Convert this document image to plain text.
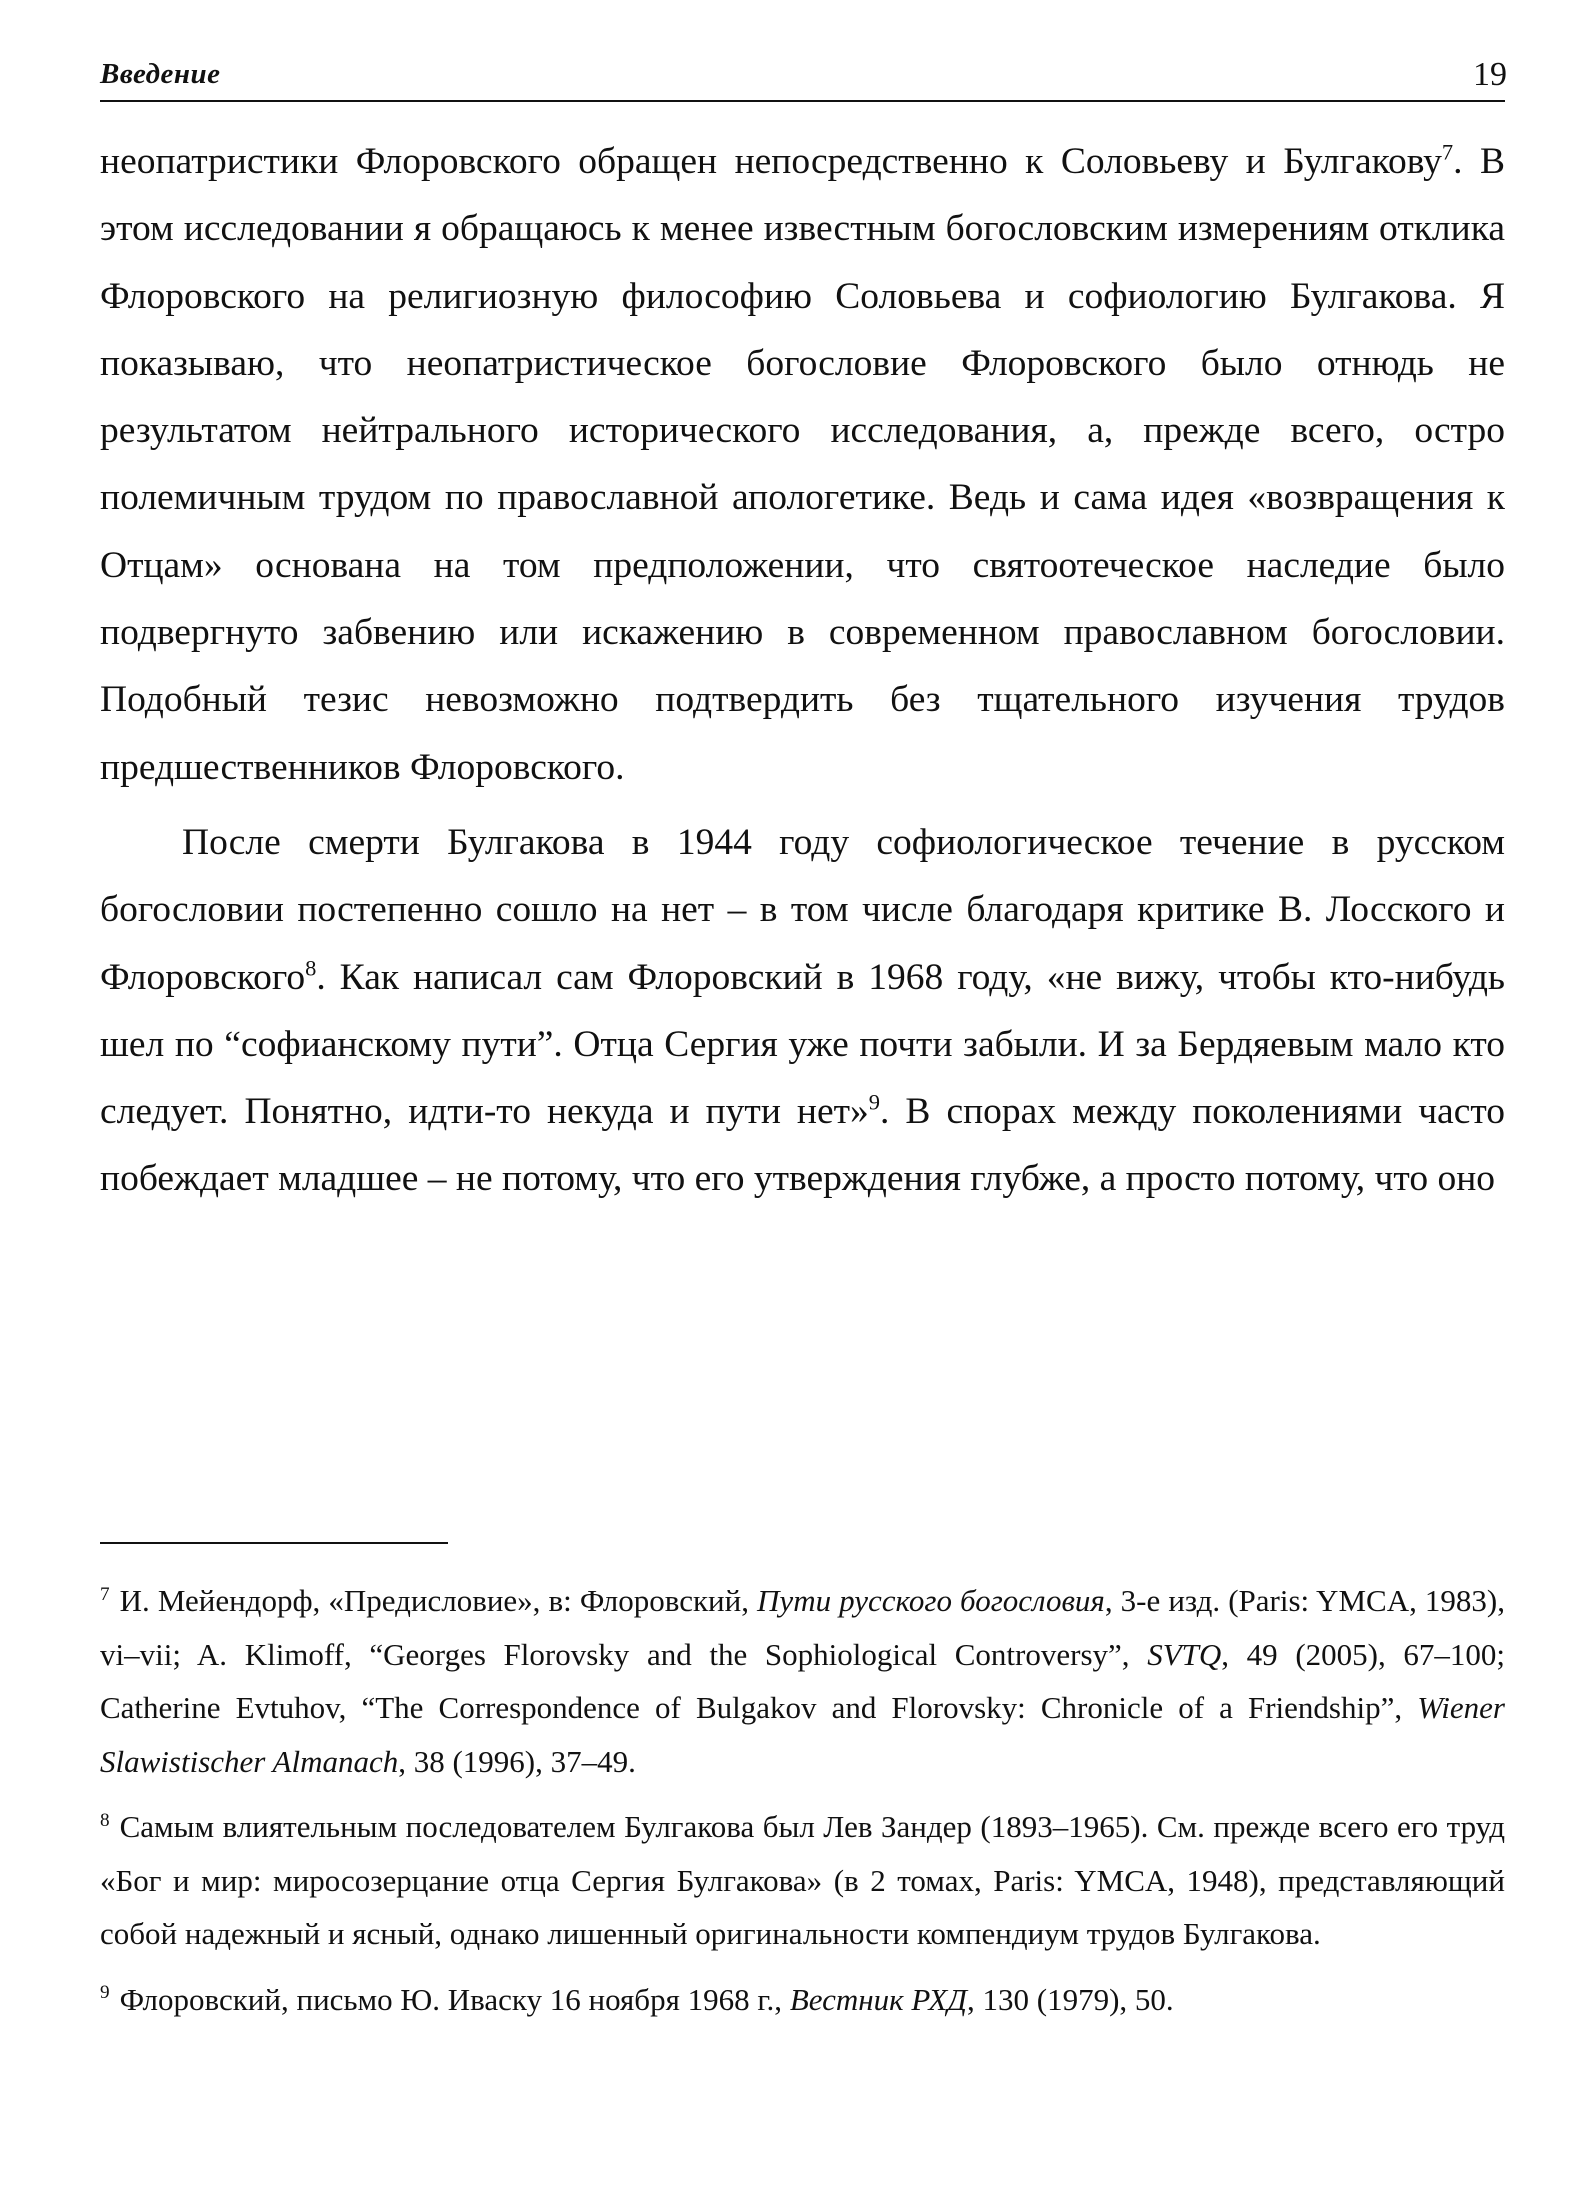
Введение	19

неопатристики Флоровского обращен непосредственно к Соловьеву и Булгакову$^7$. В этом исследовании я обращаюсь к менее известным богословским измерениям отклика Флоровского на религиозную философию Соловьева и софиологию Булгакова. Я показываю, что неопатристическое богословие Флоровского было отнюдь не результатом нейтрального исторического исследования, а, прежде всего, остро полемичным трудом по православной апологетике. Ведь и сама идея «возвращения к Отцам» основана на том предположении, что святоотеческое наследие было подвергнуто забвению или искажению в современном православном богословии. Подобный тезис невозможно подтвердить без тщательного изучения трудов предшественников Флоровского.

После смерти Булгакова в 1944 году софиологическое течение в русском богословии постепенно сошло на нет – в том числе благодаря критике В. Лосского и Флоровского$^8$. Как написал сам Флоровский в 1968 году, «не вижу, чтобы кто-нибудь шел по “софианскому пути”. Отца Сергия уже почти забыли. И за Бердяевым мало кто следует. Понятно, идти-то некуда и пути нет»$^9$. В спорах между поколениями часто побеждает младшее – не потому, что его утверждения глубже, а просто потому, что оно

$^7$ И. Мейендорф, «Предисловие», в: Флоровский, Пути русского богословия, 3-е изд. (Paris: YMCA, 1983), vi–vii; A. Klimoff, “Georges Florovsky and the Sophiological Controversy”, SVTQ, 49 (2005), 67–100; Catherine Evtuhov, “The Correspondence of Bulgakov and Florovsky: Chronicle of a Friendship”, Wiener Slawistischer Almanach, 38 (1996), 37–49.

$^8$ Самым влиятельным последователем Булгакова был Лев Зандер (1893–1965). См. прежде всего его труд «Бог и мир: миросозерцание отца Сергия Булгакова» (в 2 томах, Paris: YMCA, 1948), представляющий собой надежный и ясный, однако лишенный оригинальности компендиум трудов Булгакова.

$^9$ Флоровский, письмо Ю. Иваску 16 ноября 1968 г., Вестник РХД, 130 (1979), 50.
